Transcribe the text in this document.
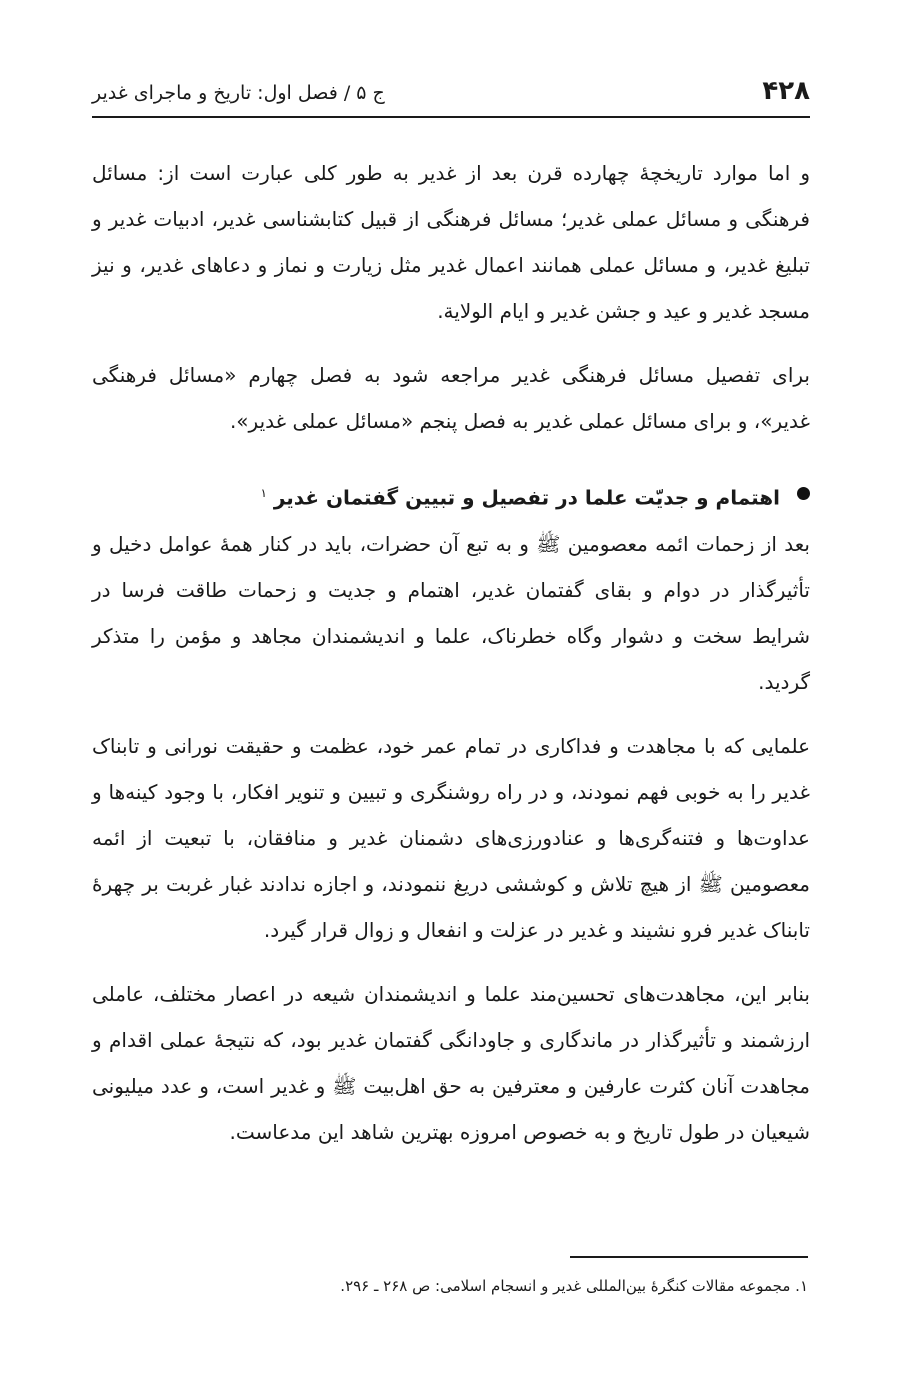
۴۲۸
ج ۵ / فصل اول: تاریخ و ماجرای غدیر

و اما موارد تاریخچهٔ چهارده قرن بعد از غدیر به طور کلی عبارت است از: مسائل فرهنگی و مسائل عملی غدیر؛ مسائل فرهنگی از قبیل کتابشناسی غدیر، ادبیات غدیر و تبلیغ غدیر، و مسائل عملی همانند اعمال غدیر مثل زیارت و نماز و دعاهای غدیر، و نیز مسجد غدیر و عید و جشن غدیر و ایام الولایة.

برای تفصیل مسائل فرهنگی غدیر مراجعه شود به فصل چهارم «مسائل فرهنگی غدیر»، و برای مسائل عملی غدیر به فصل پنجم «مسائل عملی غدیر».

اهتمام و جدیّت علما در تفصیل و تبیین گفتمان غدیر $^۱$

بعد از زحمات ائمه معصومین ﷺ و به تبع آن حضرات، باید در کنار همهٔ عوامل دخیل و تأثیرگذار در دوام و بقای گفتمان غدیر، اهتمام و جدیت و زحمات طاقت فرسا در شرایط سخت و دشوار وگاه خطرناک، علما و اندیشمندان مجاهد و مؤمن را متذکر گردید.

علمایی که با مجاهدت و فداکاری در تمام عمر خود، عظمت و حقیقت نورانی و تابناک غدیر را به خوبی فهم نمودند، و در راه روشنگری و تبیین و تنویر افکار، با وجود کینه‌ها و عداوت‌ها و فتنه‌گری‌ها و عنادورزی‌های دشمنان غدیر و منافقان، با تبعیت از ائمه معصومین ﷺ از هیچ تلاش و کوششی دریغ ننمودند، و اجازه ندادند غبار غربت بر چهرهٔ تابناک غدیر فرو نشیند و غدیر در عزلت و انفعال و زوال قرار گیرد.

بنابر این، مجاهدت‌های تحسین‌مند علما و اندیشمندان شیعه در اعصار مختلف، عاملی ارزشمند و تأثیرگذار در ماندگاری و جاودانگی گفتمان غدیر بود، که نتیجهٔ عملی اقدام و مجاهدت آنان کثرت عارفین و معترفین به حق اهل‌بیت ﷺ و غدیر است، و عدد میلیونی شیعیان در طول تاریخ و به خصوص امروزه بهترین شاهد این مدعاست.

۱. مجموعه مقالات کنگرهٔ بین‌المللی غدیر و انسجام اسلامی: ص ۲۶۸ ـ ۲۹۶.
